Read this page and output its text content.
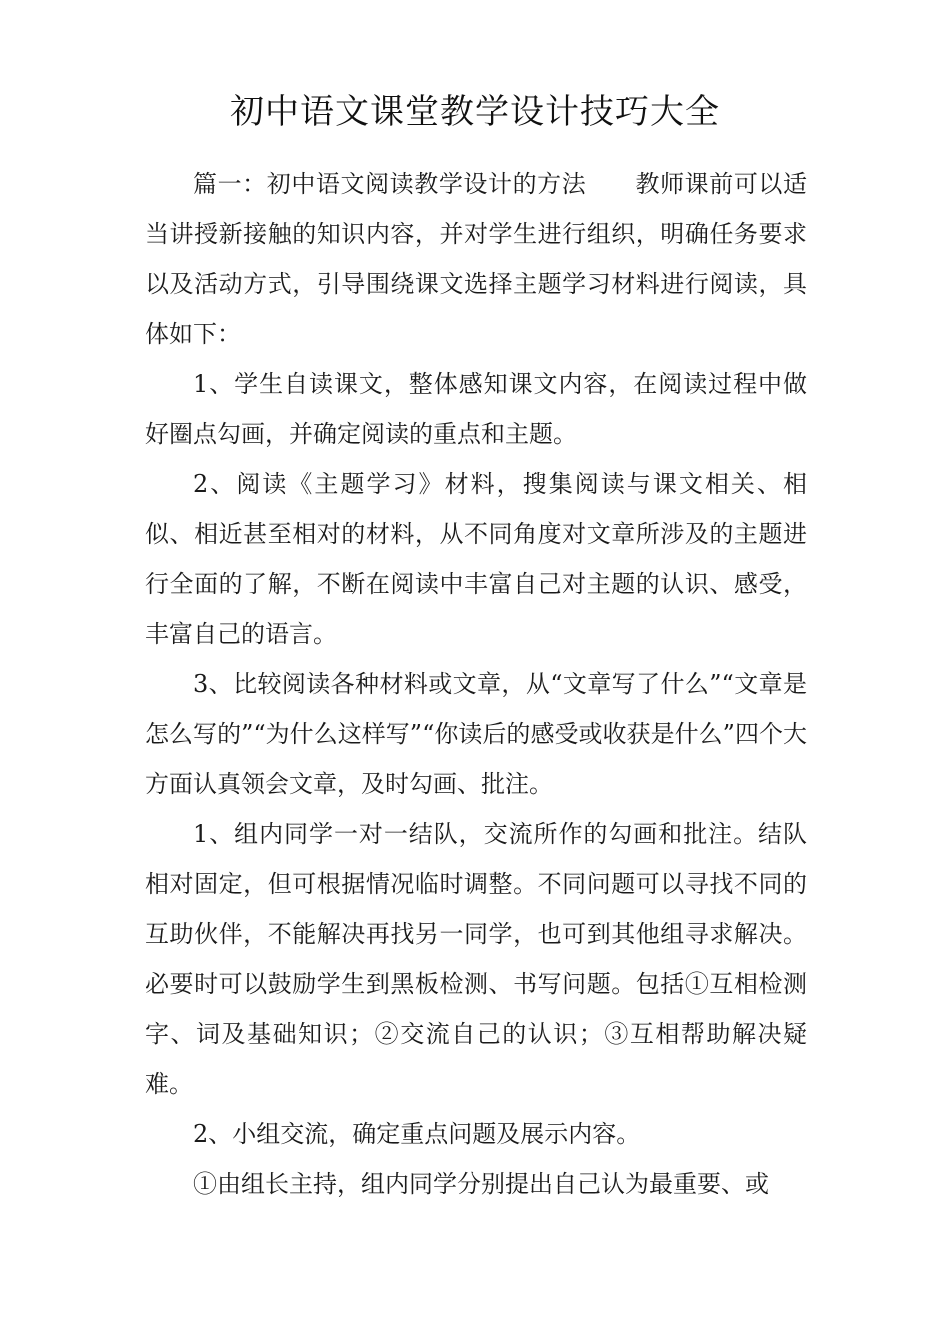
初中语文课堂教学设计技巧大全

篇一：初中语文阅读教学设计的方法　　教师课前可以适当讲授新接触的知识内容，并对学生进行组织，明确任务要求以及活动方式，引导围绕课文选择主题学习材料进行阅读，具体如下：

1、学生自读课文，整体感知课文内容，在阅读过程中做好圈点勾画，并确定阅读的重点和主题。

2、阅读《主题学习》材料，搜集阅读与课文相关、相似、相近甚至相对的材料，从不同角度对文章所涉及的主题进行全面的了解，不断在阅读中丰富自己对主题的认识、感受，丰富自己的语言。

3、比较阅读各种材料或文章，从“文章写了什么”“文章是怎么写的”“为什么这样写”“你读后的感受或收获是什么”四个大方面认真领会文章，及时勾画、批注。

1、组内同学一对一结队，交流所作的勾画和批注。结队相对固定，但可根据情况临时调整。不同问题可以寻找不同的互助伙伴，不能解决再找另一同学，也可到其他组寻求解决。必要时可以鼓励学生到黑板检测、书写问题。包括①互相检测字、词及基础知识；②交流自己的认识；③互相帮助解决疑难。

2、小组交流，确定重点问题及展示内容。

①由组长主持，组内同学分别提出自己认为最重要、或
